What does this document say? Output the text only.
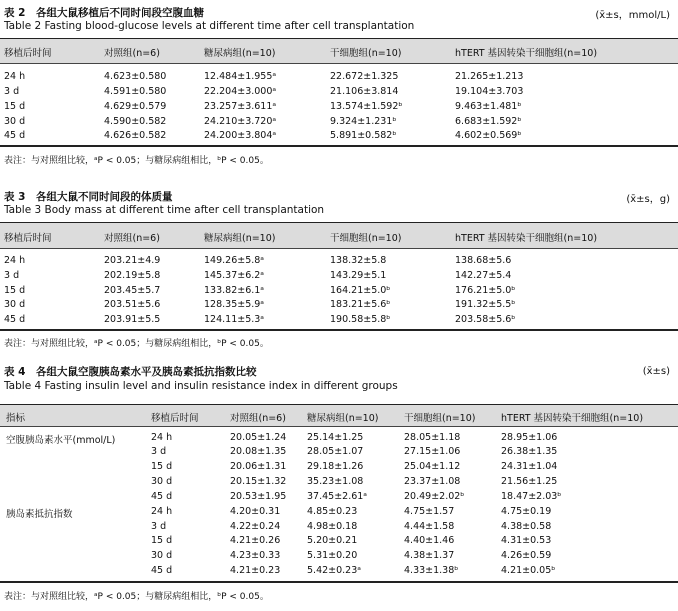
表 2　各组大鼠移植后不同时间段空腹血糖	(x̄±s，mmol/L)
Table 2 Fasting blood-glucose levels at different time after cell transplantation
移植后时间	对照组(n=6)	糖尿病组(n=10)	干细胞组(n=10)	hTERT 基因转染干细胞组(n=10)
24 h	4.623±0.580	12.484±1.955ᵃ	22.672±1.325	21.265±1.213
3 d	4.591±0.580	22.204±3.000ᵃ	21.106±3.814	19.104±3.703
15 d	4.629±0.579	23.257±3.611ᵃ	13.574±1.592ᵇ	9.463±1.481ᵇ
30 d	4.590±0.582	24.210±3.720ᵃ	9.324±1.231ᵇ	6.683±1.592ᵇ
45 d	4.626±0.582	24.200±3.804ᵃ	5.891±0.582ᵇ	4.602±0.569ᵇ
表注：与对照组比较，ᵃP < 0.05；与糖尿病组相比，ᵇP < 0.05。
表 3　各组大鼠不同时间段的体质量	(x̄±s，g)
Table 3 Body mass at different time after cell transplantation
移植后时间	对照组(n=6)	糖尿病组(n=10)	干细胞组(n=10)	hTERT 基因转染干细胞组(n=10)
24 h	203.21±4.9	149.26±5.8ᵃ	138.32±5.8	138.68±5.6
3 d	202.19±5.8	145.37±6.2ᵃ	143.29±5.1	142.27±5.4
15 d	203.45±5.7	133.82±6.1ᵃ	164.21±5.0ᵇ	176.21±5.0ᵇ
30 d	203.51±5.6	128.35±5.9ᵃ	183.21±5.6ᵇ	191.32±5.5ᵇ
45 d	203.91±5.5	124.11±5.3ᵃ	190.58±5.8ᵇ	203.58±5.6ᵇ
表注：与对照组比较，ᵃP < 0.05；与糖尿病组相比，ᵇP < 0.05。
表 4　各组大鼠空腹胰岛素水平及胰岛素抵抗指数比较	(x̄±s)
Table 4 Fasting insulin level and insulin resistance index in different groups
指标	移植后时间	对照组(n=6) 糖尿病组(n=10)	干细胞组(n=10)	hTERT 基因转染干细胞组(n=10)
空腹胰岛素水平(mmol/L)	24 h	20.05±1.24 25.14±1.25	28.05±1.18	28.95±1.06
3 d	20.08±1.35 28.05±1.07	27.15±1.06	26.38±1.35
15 d	20.06±1.31 29.18±1.26	25.04±1.12	24.31±1.04
30 d	20.15±1.32 35.23±1.08	23.37±1.08	21.56±1.25
45 d	20.53±1.95 37.45±2.61ᵃ	20.49±2.02ᵇ	18.47±2.03ᵇ
胰岛素抵抗指数	24 h	4.20±0.31	4.85±0.23	4.75±1.57	4.75±0.19
3 d	4.22±0.24	4.98±0.18	4.44±1.58	4.38±0.58
15 d	4.21±0.26	5.20±0.21	4.40±1.46	4.31±0.53
30 d	4.23±0.33	5.31±0.20	4.38±1.37	4.26±0.59
45 d	4.21±0.23	5.42±0.23ᵃ	4.33±1.38ᵇ	4.21±0.05ᵇ
表注：与对照组比较，ᵃP < 0.05；与糖尿病组相比，ᵇP < 0.05。
